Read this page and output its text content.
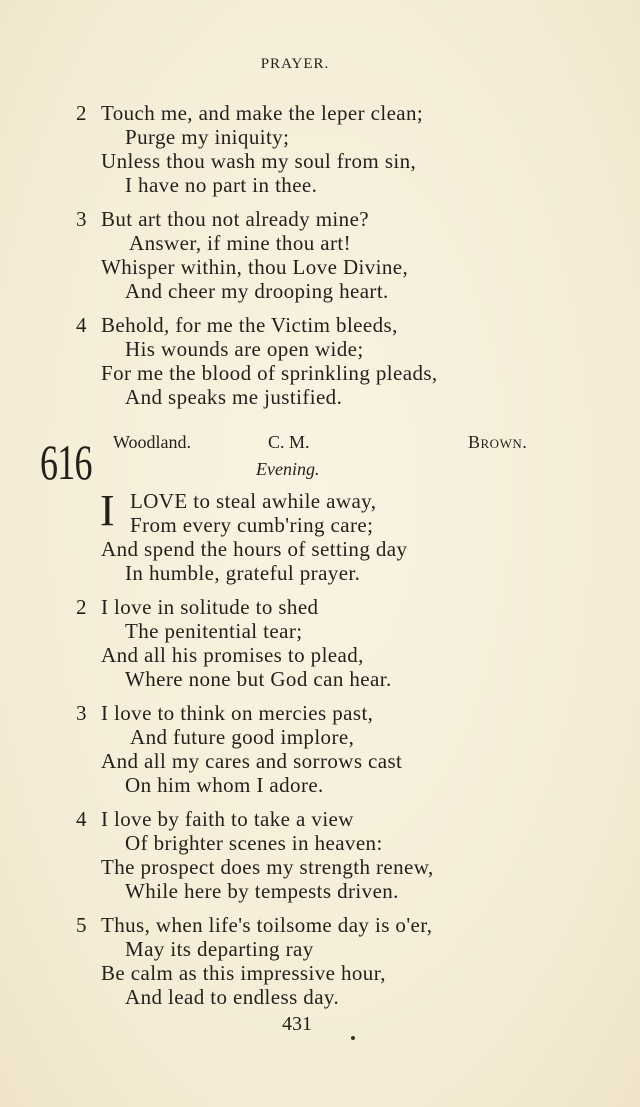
PRAYER.
2 Touch me, and make the leper clean;
Purge my iniquity;
Unless thou wash my soul from sin,
I have no part in thee.
3 But art thou not already mine?
Answer, if mine thou art!
Whisper within, thou Love Divine,
And cheer my drooping heart.
4 Behold, for me the Victim bleeds,
His wounds are open wide;
For me the blood of sprinkling pleads,
And speaks me justified.
616 Woodland.	C. M.	Brown.
Evening.
I LOVE to steal awhile away,
From every cumb'ring care;
And spend the hours of setting day
In humble, grateful prayer.
2 I love in solitude to shed
The penitential tear;
And all his promises to plead,
Where none but God can hear.
3 I love to think on mercies past,
And future good implore,
And all my cares and sorrows cast
On him whom I adore.
4 I love by faith to take a view
Of brighter scenes in heaven:
The prospect does my strength renew,
While here by tempests driven.
5 Thus, when life's toilsome day is o'er,
May its departing ray
Be calm as this impressive hour,
And lead to endless day.
431
